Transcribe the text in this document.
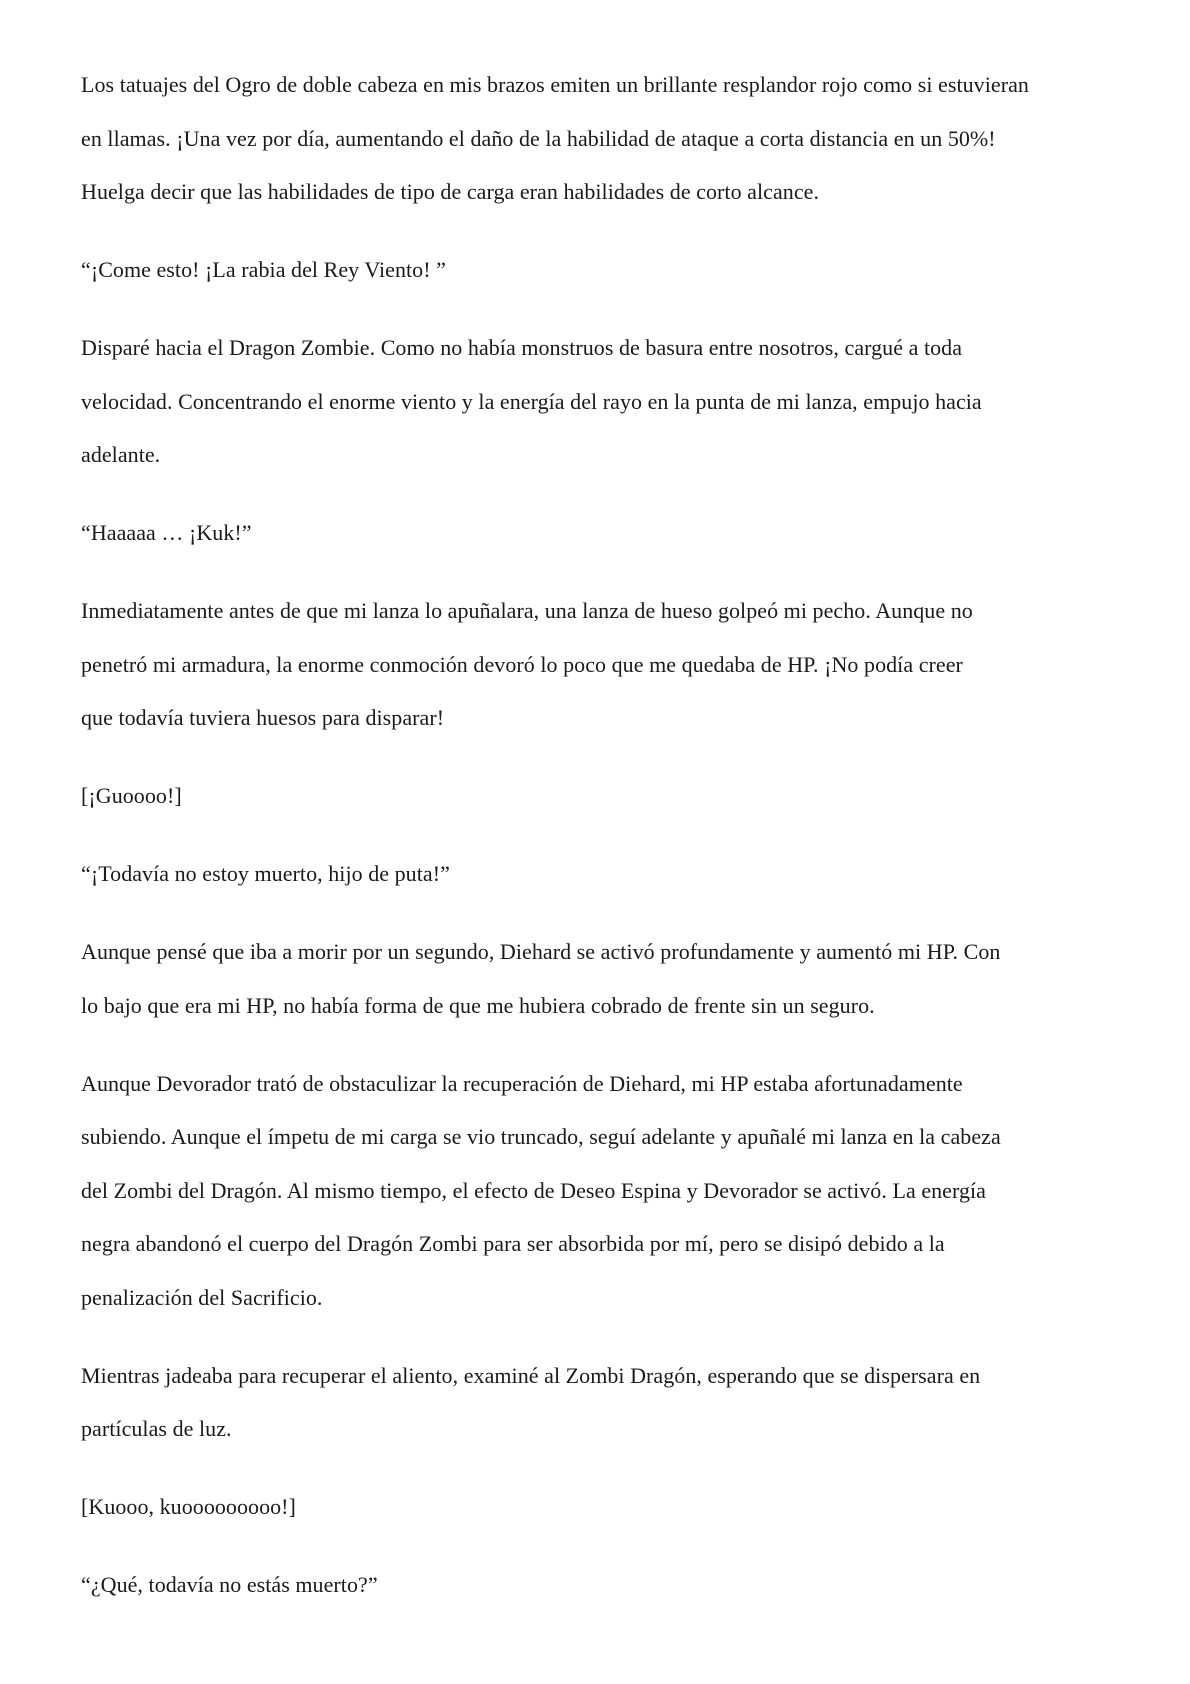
Los tatuajes del Ogro de doble cabeza en mis brazos emiten un brillante resplandor rojo como si estuvieran
en llamas. ¡Una vez por día, aumentando el daño de la habilidad de ataque a corta distancia en un 50%!
Huelga decir que las habilidades de tipo de carga eran habilidades de corto alcance.

“¡Come esto! ¡La rabia del Rey Viento! ”

Disparé hacia el Dragon Zombie. Como no había monstruos de basura entre nosotros, cargué a toda
velocidad. Concentrando el enorme viento y la energía del rayo en la punta de mi lanza, empujo hacia
adelante.

“Haaaaa … ¡Kuk!”

Inmediatamente antes de que mi lanza lo apuñalara, una lanza de hueso golpeó mi pecho. Aunque no
penetró mi armadura, la enorme conmoción devoró lo poco que me quedaba de HP. ¡No podía creer
que todavía tuviera huesos para disparar!

[¡Guoooo!]

“¡Todavía no estoy muerto, hijo de puta!”

Aunque pensé que iba a morir por un segundo, Diehard se activó profundamente y aumentó mi HP. Con
lo bajo que era mi HP, no había forma de que me hubiera cobrado de frente sin un seguro.

Aunque Devorador trató de obstaculizar la recuperación de Diehard, mi HP estaba afortunadamente
subiendo. Aunque el ímpetu de mi carga se vio truncado, seguí adelante y apuñalé mi lanza en la cabeza
del Zombi del Dragón. Al mismo tiempo, el efecto de Deseo Espina y Devorador se activó. La energía
negra abandonó el cuerpo del Dragón Zombi para ser absorbida por mí, pero se disipó debido a la
penalización del Sacrificio.

Mientras jadeaba para recuperar el aliento, examiné al Zombi Dragón, esperando que se dispersara en
partículas de luz.

[Kuooo, kuooooooooo!]

“¿Qué, todavía no estás muerto?”
